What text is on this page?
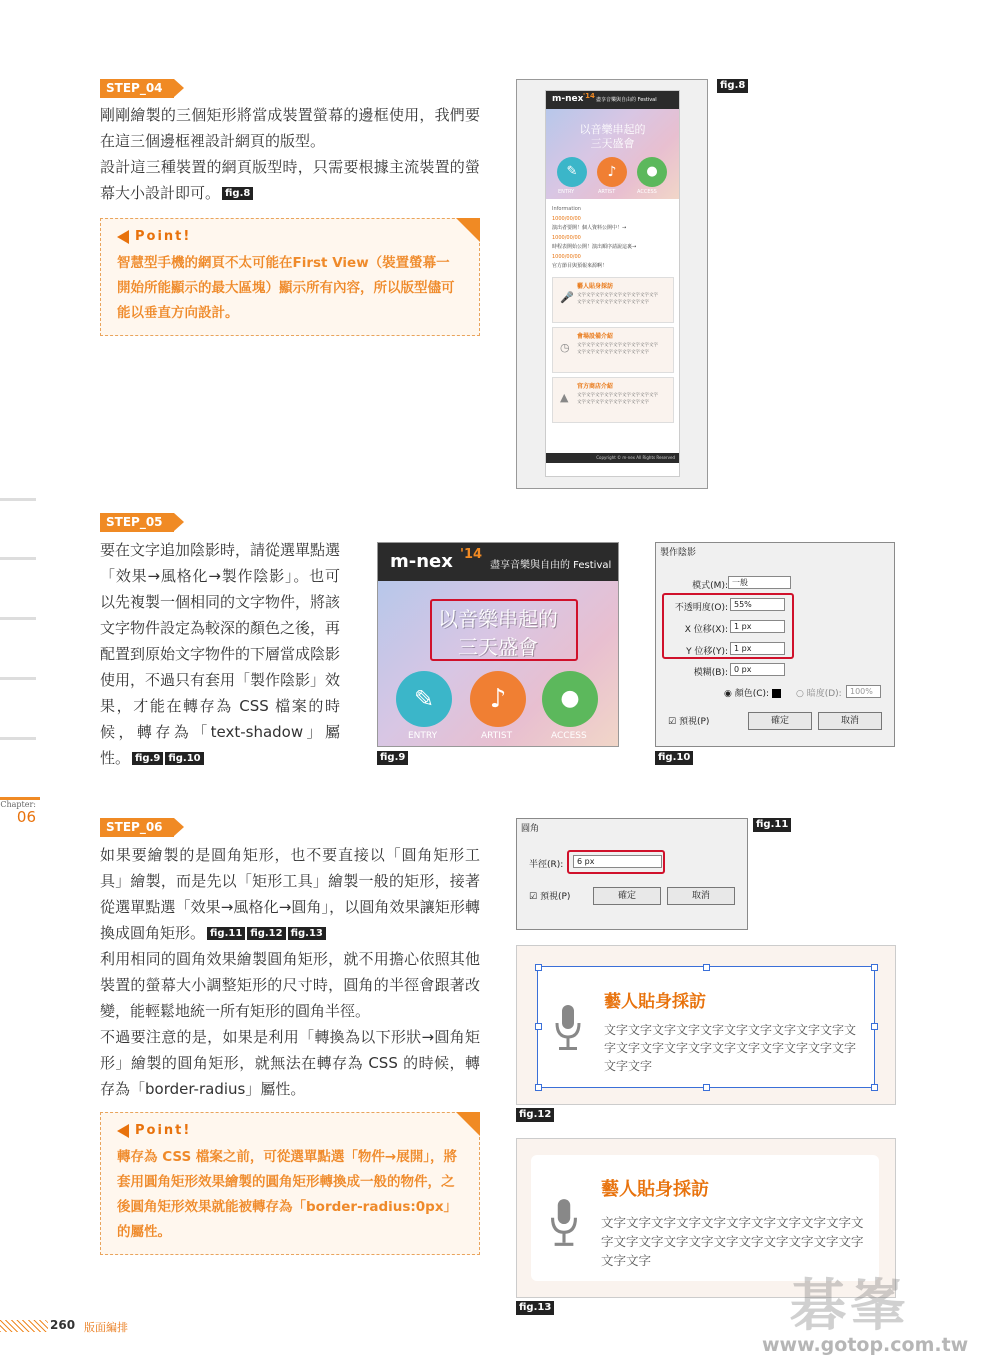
Chapter:
06
STEP_04

剛剛繪製的三個矩形將當成裝置螢幕的邊框使用，我們要在這三個邊框裡設計網頁的版型。

設計這三種裝置的網頁版型時，只需要根據主流裝置的螢幕大小設計即可。 fig.8

Point!
智慧型手機的網頁不太可能在First View（裝置螢幕一開始所能顯示的最大區塊）顯示所有內容，所以版型儘可能以垂直方向設計。
fig.8
m-nex '14 盡享音樂與自由的 Festival
以音樂串起的
三天盛會
✎	♪	●
ENTRY	ARTIST	ACCESS
Information
1000/00/00
演出者要開！個人資料公開中！→
1000/00/00
時程表開始公開！演出順序請說這裏→
1000/00/00
官方節目與預報來源啊！
藝人貼身採訪
文字文字文字文字文字文字文字文字文字文字文字文字文字文字文字文字文字
🎤
會場設備介紹
文字文字文字文字文字文字文字文字文字文字文字文字文字文字文字文字文字
◷
官方商店介紹
文字文字文字文字文字文字文字文字文字文字文字文字文字文字文字文字文字
▲
Copyright © m-nex All Rights Reserved
STEP_05

要在文字追加陰影時，請從選單點選「效果→風格化→製作陰影」。也可以先複製一個相同的文字物件，將該文字物件設定為較深的顏色之後，再配置到原始文字物件的下層當成陰影使用，不過只有套用「製作陰影」效果，才能在轉存為 CSS 檔案的時候，轉存為「text-shadow」屬性。 fig.9 fig.10

m-nex '14
盡享音樂與自由的 Festival
以音樂串起的
三天盛會
✎	♪	●
ENTRY	ARTIST	ACCESS
fig.9
製作陰影
模式(M): 一般
不透明度(O): 55%
X 位移(X): 1 px
Y 位移(Y): 1 px
模糊(B): 0 px
◉ 顏色(C):	○ 暗度(D):	100%
☑ 預視(P)	確定	取消
fig.10
STEP_06

如果要繪製的是圓角矩形，也不要直接以「圓角矩形工具」繪製，而是先以「矩形工具」繪製一般的矩形，接著從選單點選「效果→風格化→圓角」，以圓角效果讓矩形轉換成圓角矩形。 fig.11 fig.12 fig.13

利用相同的圓角效果繪製圓角矩形，就不用擔心依照其他裝置的螢幕大小調整矩形的尺寸時，圓角的半徑會跟著改變，能輕鬆地統一所有矩形的圓角半徑。

不過要注意的是，如果是利用「轉換為以下形狀→圓角矩形」繪製的圓角矩形，就無法在轉存為 CSS 的時候，轉存為「border-radius」屬性。

Point!
轉存為 CSS 檔案之前，可從選單點選「物件→展開」，將套用圓角矩形效果繪製的圓角矩形轉換成一般的物件，之後圓角矩形效果就能被轉存為「border-radius:0px」的屬性。
圓角
半徑(R):	6 px
☑ 預視(P)	確定	取消
fig.11
藝人貼身採訪
文字文字文字文字文字文字文字文字文字文字文字文字文字文字文字文字文字文字文字文字文字文字文字
fig.12
藝人貼身採訪
文字文字文字文字文字文字文字文字文字文字文字文字文字文字文字文字文字文字文字文字文字文字文字
fig.13
260 版面編排	碁峯
www.gotop.com.tw
